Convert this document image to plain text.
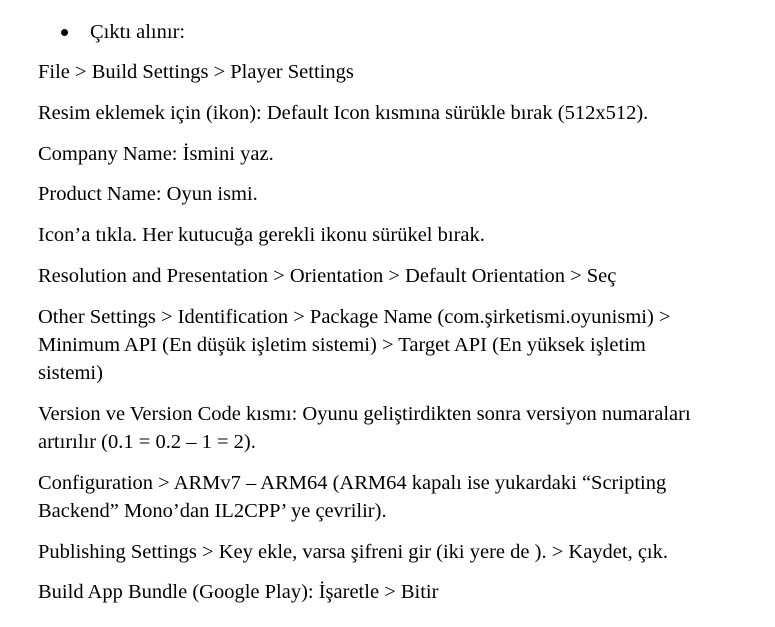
Çıktı alınır:
File > Build Settings > Player Settings
Resim eklemek için (ikon): Default Icon kısmına sürükle bırak (512x512).
Company Name: İsmini yaz.
Product Name: Oyun ismi.
Icon’a tıkla. Her kutucuğa gerekli ikonu sürükel bırak.
Resolution and Presentation > Orientation > Default Orientation > Seç
Other Settings > Identification > Package Name (com.şirketismi.oyunismi) >
Minimum API (En düşük işletim sistemi) > Target API (En yüksek işletim
sistemi)
Version ve Version Code kısmı: Oyunu geliştirdikten sonra versiyon numaraları
artırılır (0.1 = 0.2 – 1 = 2).
Configuration > ARMv7 – ARM64 (ARM64 kapalı ise yukardaki “Scripting
Backend” Mono’dan IL2CPP’ ye çevrilir).
Publishing Settings > Key ekle, varsa şifreni gir (iki yere de ). > Kaydet, çık.
Build App Bundle (Google Play): İşaretle > Bitir
